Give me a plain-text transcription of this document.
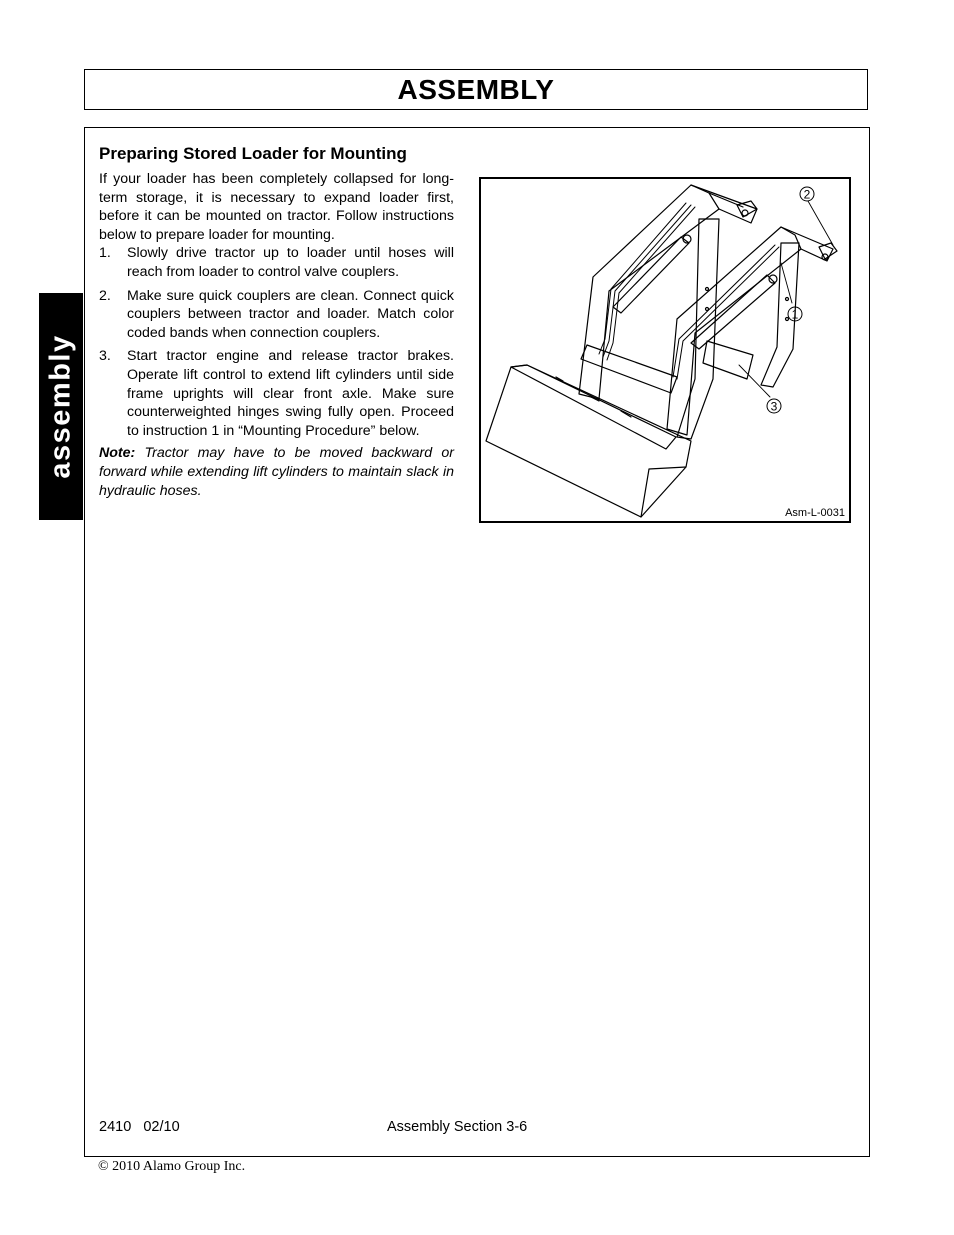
ASSEMBLY
assembly
Preparing Stored Loader for Mounting

If your loader has been completely collapsed for long-term storage, it is necessary to expand loader first, before it can be mounted on tractor. Follow instructions below to prepare loader for mounting.

1.	Slowly drive tractor up to loader until hoses will reach from loader to control valve couplers.
2.	Make sure quick couplers are clean. Connect quick couplers between tractor and loader. Match color coded bands when connection couplers.
3.	Start tractor engine and release tractor brakes. Operate lift control to extend lift cylinders until side frame uprights will clear front axle. Make sure counterweighted hinges swing fully open. Proceed to instruction 1 in “Mounting Procedure” below.
Note: Tractor may have to be moved backward or forward while extending lift cylinders to maintain slack in hydraulic hoses.
2
1
3
Asm-L-0031
2410   02/10	Assembly Section 3-6
© 2010 Alamo Group Inc.
